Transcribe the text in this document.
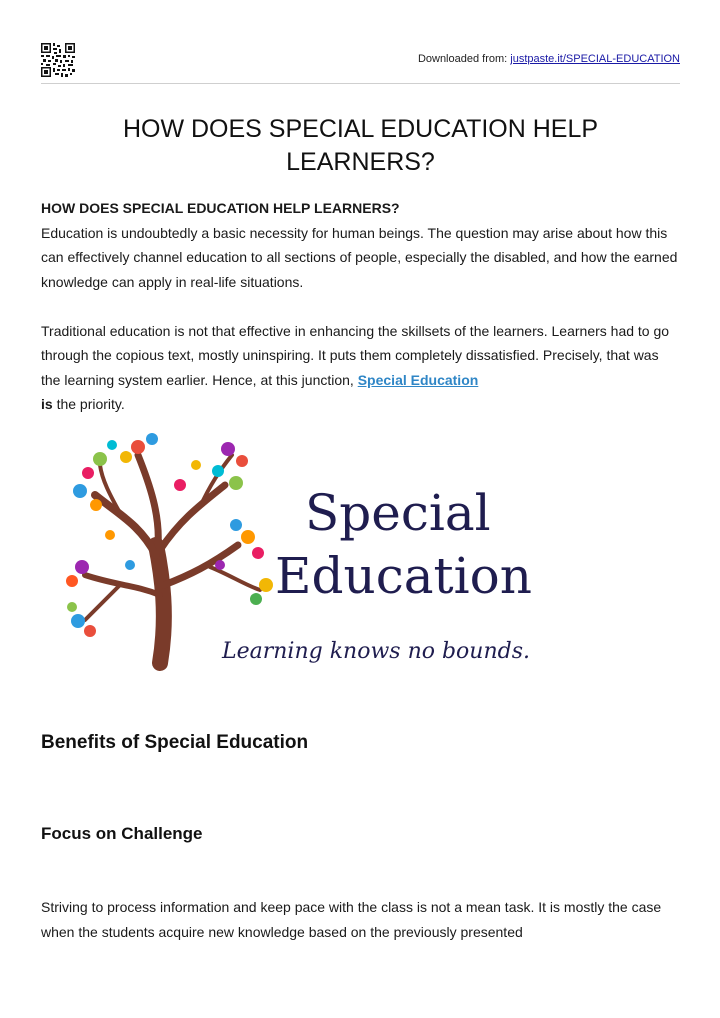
Downloaded from: justpaste.it/SPECIAL-EDUCATION
HOW DOES SPECIAL EDUCATION HELP
LEARNERS?

HOW DOES SPECIAL EDUCATION HELP LEARNERS?

Education is undoubtedly a basic necessity for human beings. The question may arise about how this can effectively channel education to all sections of people, especially the disabled, and how the earned knowledge can apply in real-life situations.

Traditional education is not that effective in enhancing the skillsets of the learners. Learners had to go through the copious text, mostly uninspiring. It puts them completely dissatisfied. Precisely, that was the learning system earlier. Hence, at this junction, Special Education
is the priority.

Special
Education
Learning knows no bounds.
Benefits of Special Education
Focus on Challenge

Striving to process information and keep pace with the class is not a mean task. It is mostly the case when the students acquire new knowledge based on the previously presented
